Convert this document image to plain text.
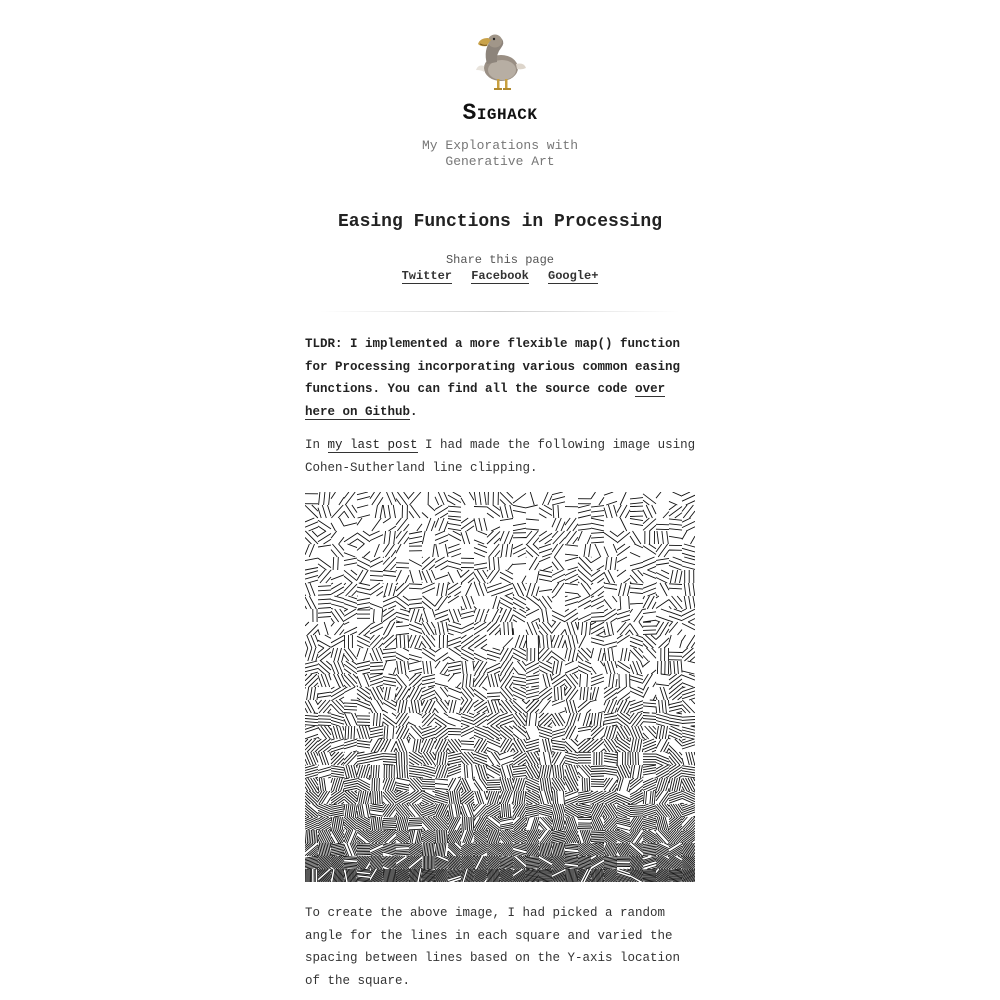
Sighack
My Explorations with Generative Art
Easing Functions in Processing
Share this page
Twitter Facebook Google+

TLDR: I implemented a more flexible map() function for Processing incorporating various common easing functions. You can find all the source code over here on Github.

In my last post I had made the following image using Cohen-Sutherland line clipping.

To create the above image, I had picked a random angle for the lines in each square and varied the spacing between lines based on the Y-axis location of the square.
